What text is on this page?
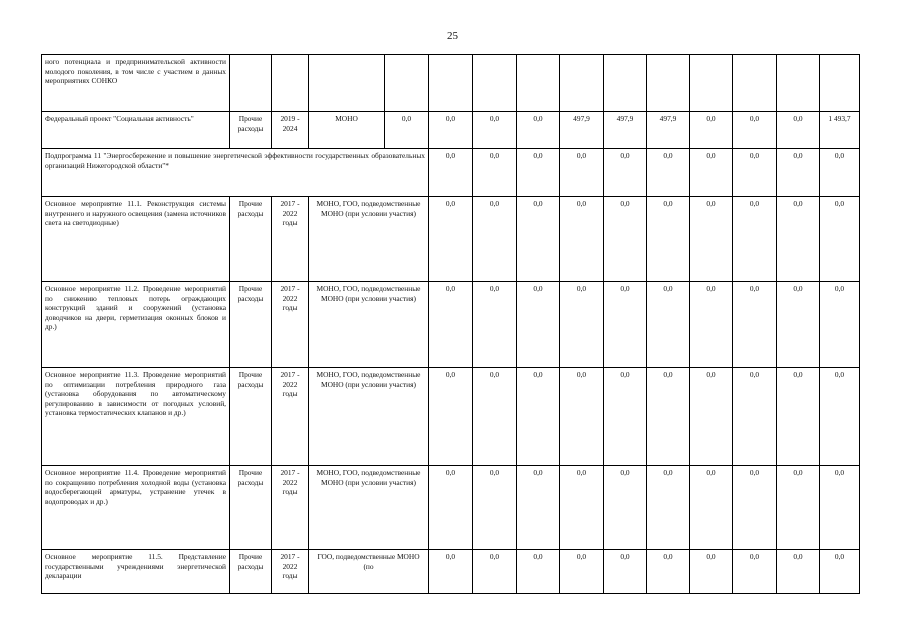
25
ного потенциала и предпринимательской активности молодого поколения, в том числе с участием в данных мероприятиях СОНКО														
Федеральный проект "Социальная активность"	Прочие расходы	2019 - 2024	МОНО	0,0	0,0	0,0	0,0	497,9	497,9	497,9	0,0	0,0	0,0	1 493,7
Подпрограмма 11 "Энергосбережение и повышение энергетической эффективности государственных образовательных организаций Нижегородской области"*					0,0	0,0	0,0	0,0	0,0	0,0	0,0	0,0	0,0	0,0
Основное мероприятие 11.1. Реконструкция системы внутреннего и наружного освещения (замена источников света на светодиодные)	Прочие расходы	2017 - 2022 годы	МОНО, ГОО, подведомственные МОНО (при условии участия)		0,0	0,0	0,0	0,0	0,0	0,0	0,0	0,0	0,0	0,0
Основное мероприятие 11.2. Проведение мероприятий по снижению тепловых потерь ограждающих конструкций зданий и сооружений (установка доводчиков на двери, герметизация оконных блоков и др.)	Прочие расходы	2017 - 2022 годы	МОНО, ГОО, подведомственные МОНО (при условии участия)		0,0	0,0	0,0	0,0	0,0	0,0	0,0	0,0	0,0	0,0
Основное мероприятие 11.3. Проведение мероприятий по оптимизации потребления природного газа (установка оборудования по автоматическому регулированию в зависимости от погодных условий, установка термостатических клапанов и др.)	Прочие расходы	2017 - 2022 годы	МОНО, ГОО, подведомственные МОНО (при условии участия)		0,0	0,0	0,0	0,0	0,0	0,0	0,0	0,0	0,0	0,0
Основное мероприятие 11.4. Проведение мероприятий по сокращению потребления холодной воды (установка водосберегающей арматуры, устранение утечек в водопроводах и др.)	Прочие расходы	2017 - 2022 годы	МОНО, ГОО, подведомственные МОНО (при условии участия)		0,0	0,0	0,0	0,0	0,0	0,0	0,0	0,0	0,0	0,0
Основное мероприятие 11.5. Представление государственными учреждениями энергетической декларации	Прочие расходы	2017 - 2022 годы	ГОО, подведомственные МОНО (по		0,0	0,0	0,0	0,0	0,0	0,0	0,0	0,0	0,0	0,0
